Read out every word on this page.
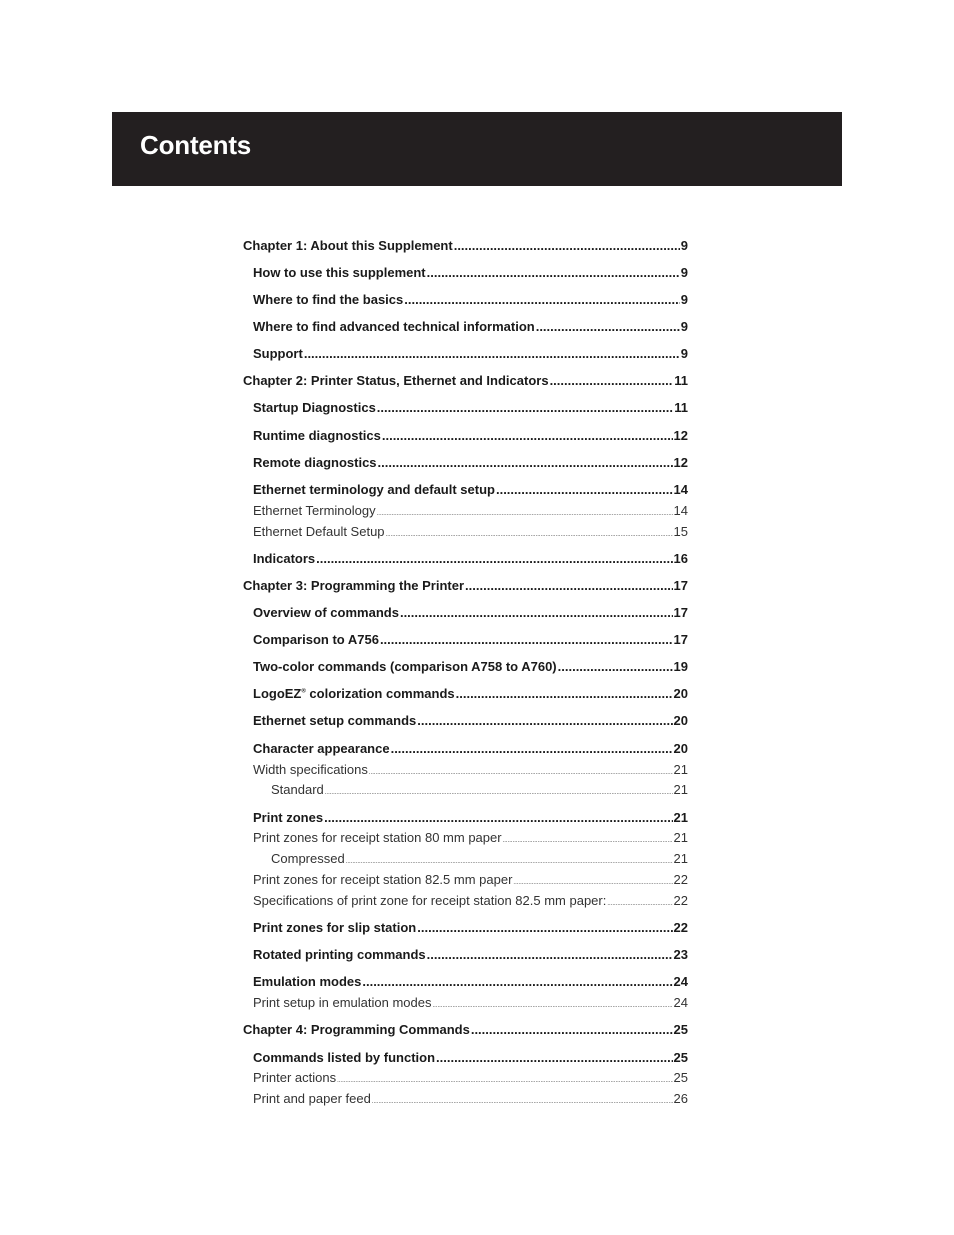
Contents
Chapter 1: About this Supplement .....	9
How to use this supplement .....	9
Where to find the basics .....	9
Where to find advanced technical information .....	9
Support .....	9
Chapter 2: Printer Status, Ethernet and Indicators .....	11
Startup Diagnostics .....	11
Runtime diagnostics .....	12
Remote diagnostics .....	12
Ethernet terminology and default setup .....	14
Ethernet Terminology .....	14
Ethernet Default Setup .....	15
Indicators .....	16
Chapter 3: Programming the Printer .....	17
Overview of commands .....	17
Comparison to A756 .....	17
Two-color commands (comparison A758 to A760) .....	19
LogoEZ® colorization commands .....	20
Ethernet setup commands .....	20
Character appearance .....	20
Width specifications .....	21
Standard .....	21
Print zones .....	21
Print zones for receipt station 80 mm paper .....	21
Compressed .....	21
Print zones for receipt station 82.5 mm paper .....	22
Specifications of print zone for receipt station 82.5 mm paper: .....	22
Print zones for slip station .....	22
Rotated printing commands .....	23
Emulation modes .....	24
Print setup in emulation modes .....	24
Chapter 4: Programming Commands .....	25
Commands listed by function .....	25
Printer actions .....	25
Print and paper feed .....	26
